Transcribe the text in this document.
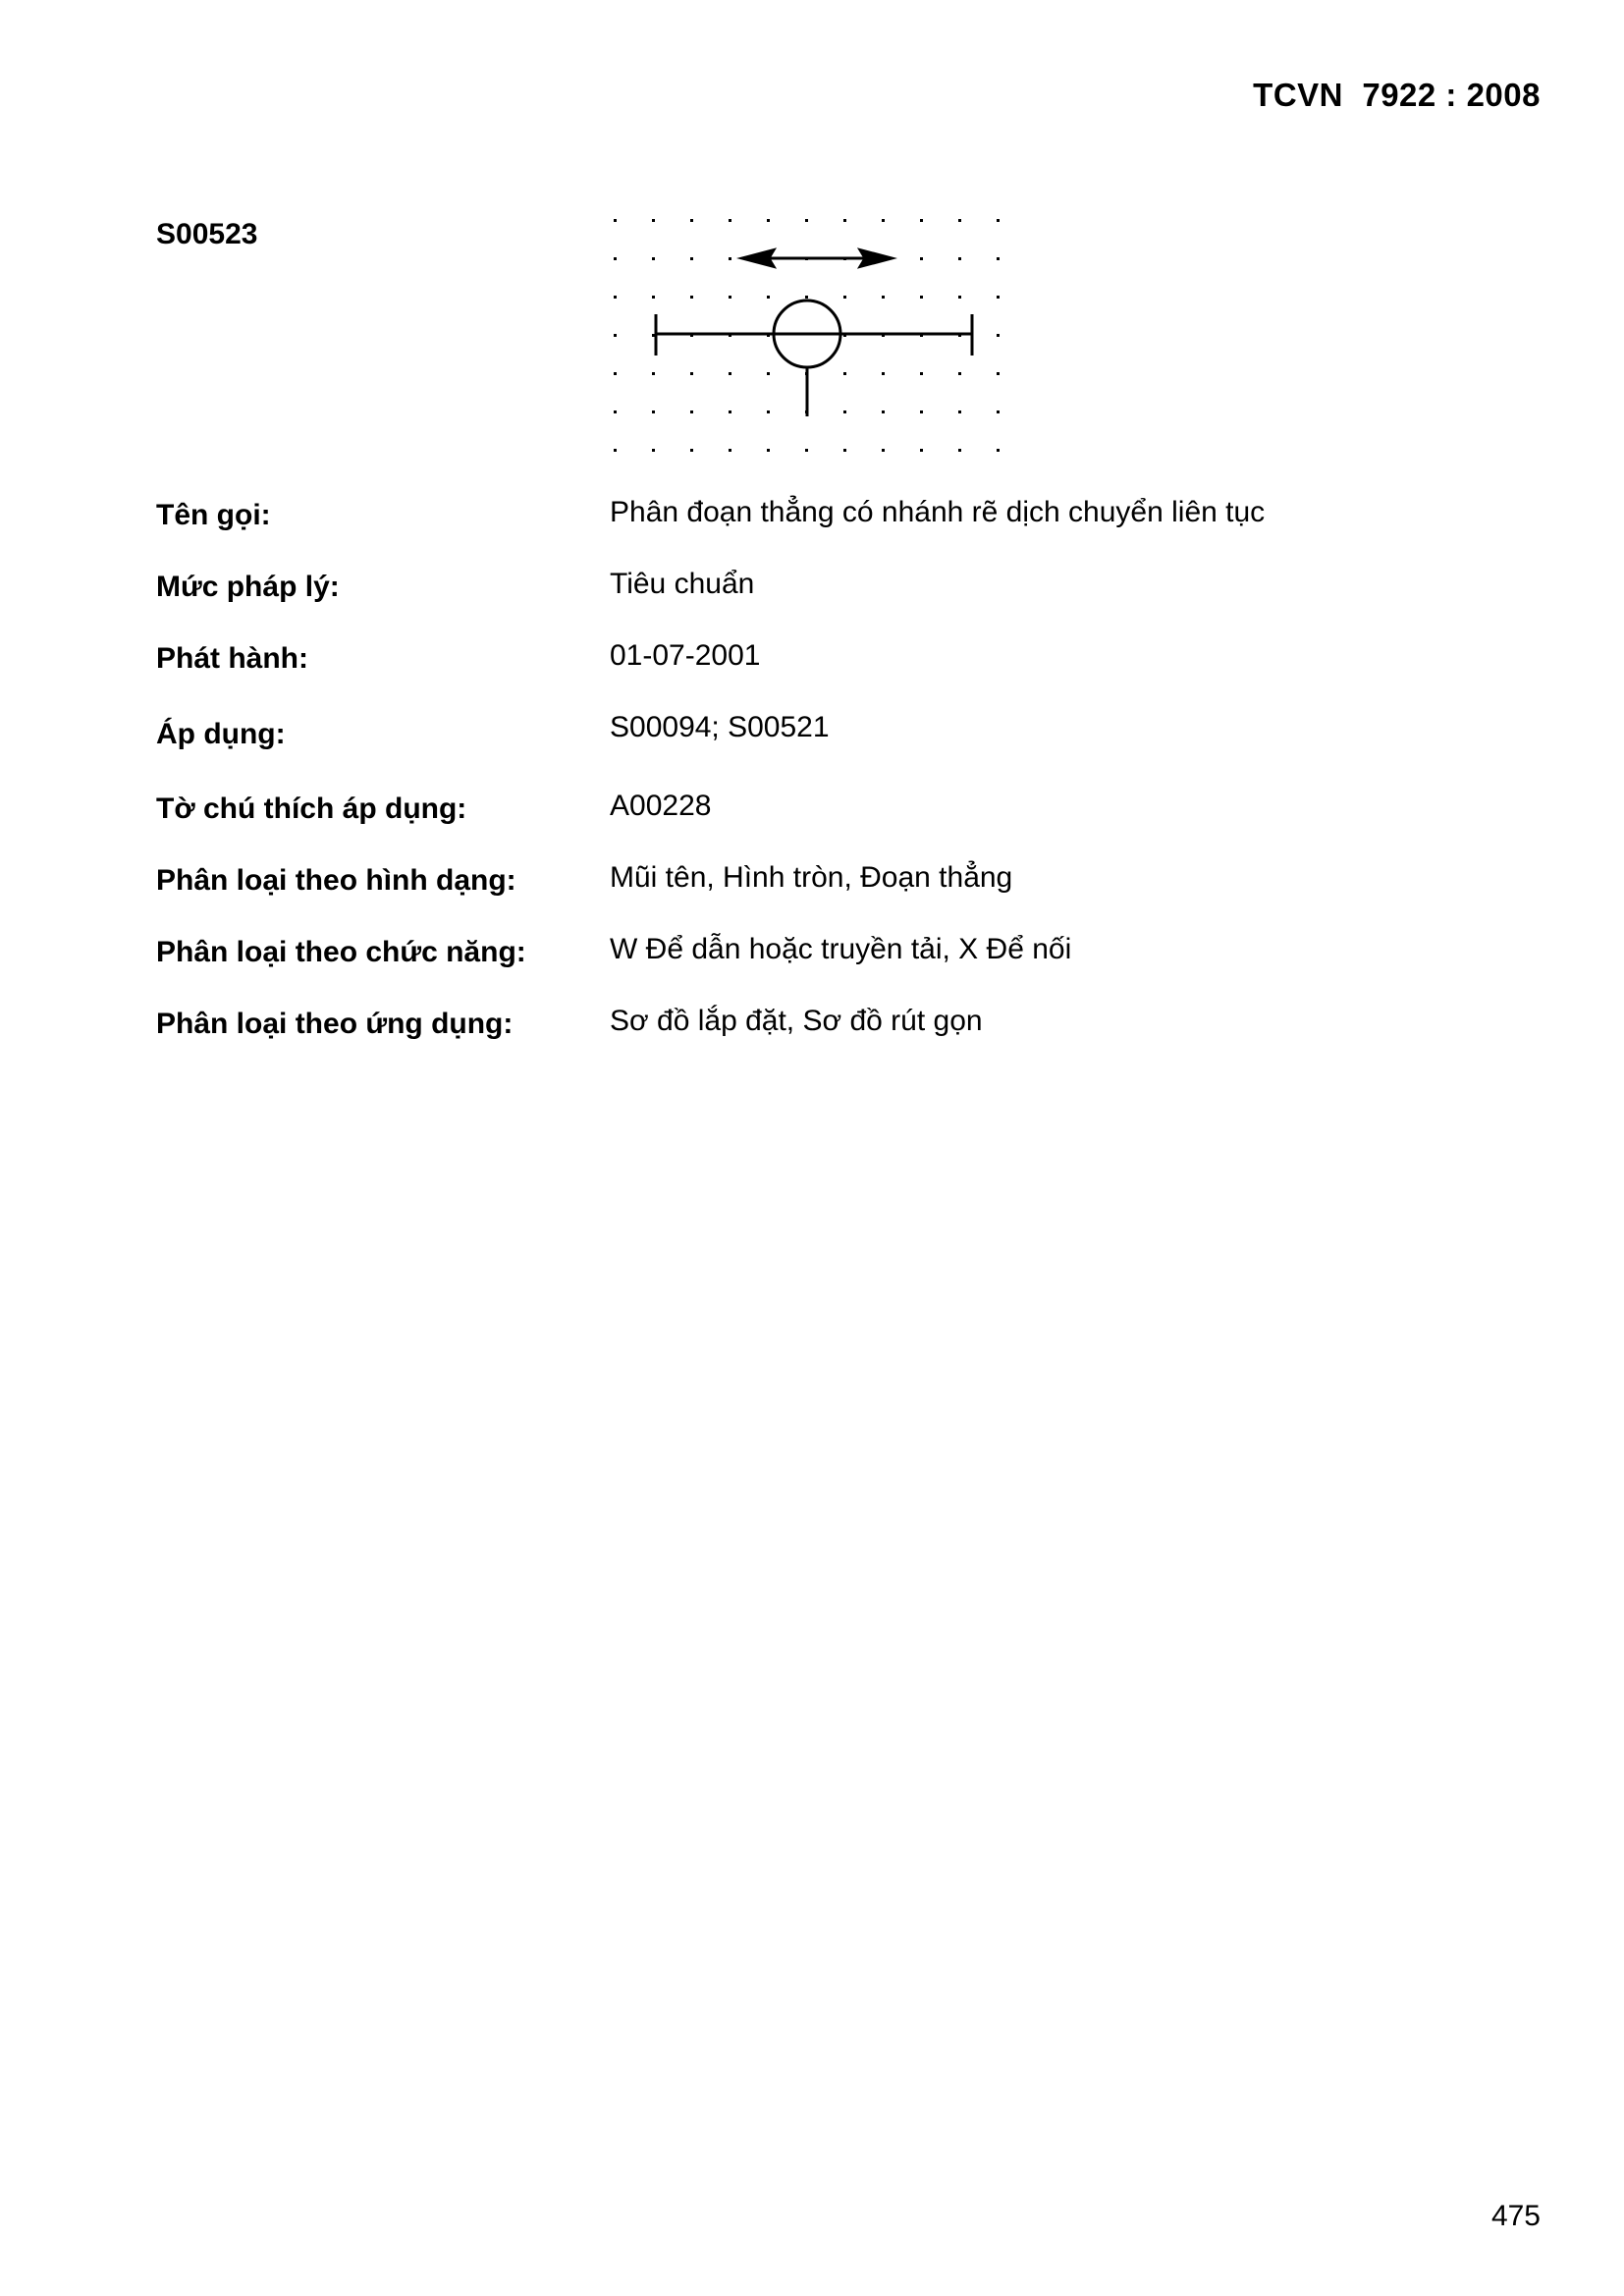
TCVN  7922 : 2008
S00523
Tên gọi:	Phân đoạn thẳng có nhánh rẽ dịch chuyển liên tục
Mức pháp lý:	Tiêu chuẩn
Phát hành:	01-07-2001
Áp dụng:	S00094; S00521
Tờ chú thích áp dụng:	A00228
Phân loại theo hình dạng:	Mũi tên, Hình tròn, Đoạn thẳng
Phân loại theo chức năng:	W Để dẫn hoặc truyền tải, X Để nối
Phân loại theo ứng dụng:	Sơ đồ lắp đặt, Sơ đồ rút gọn
475
